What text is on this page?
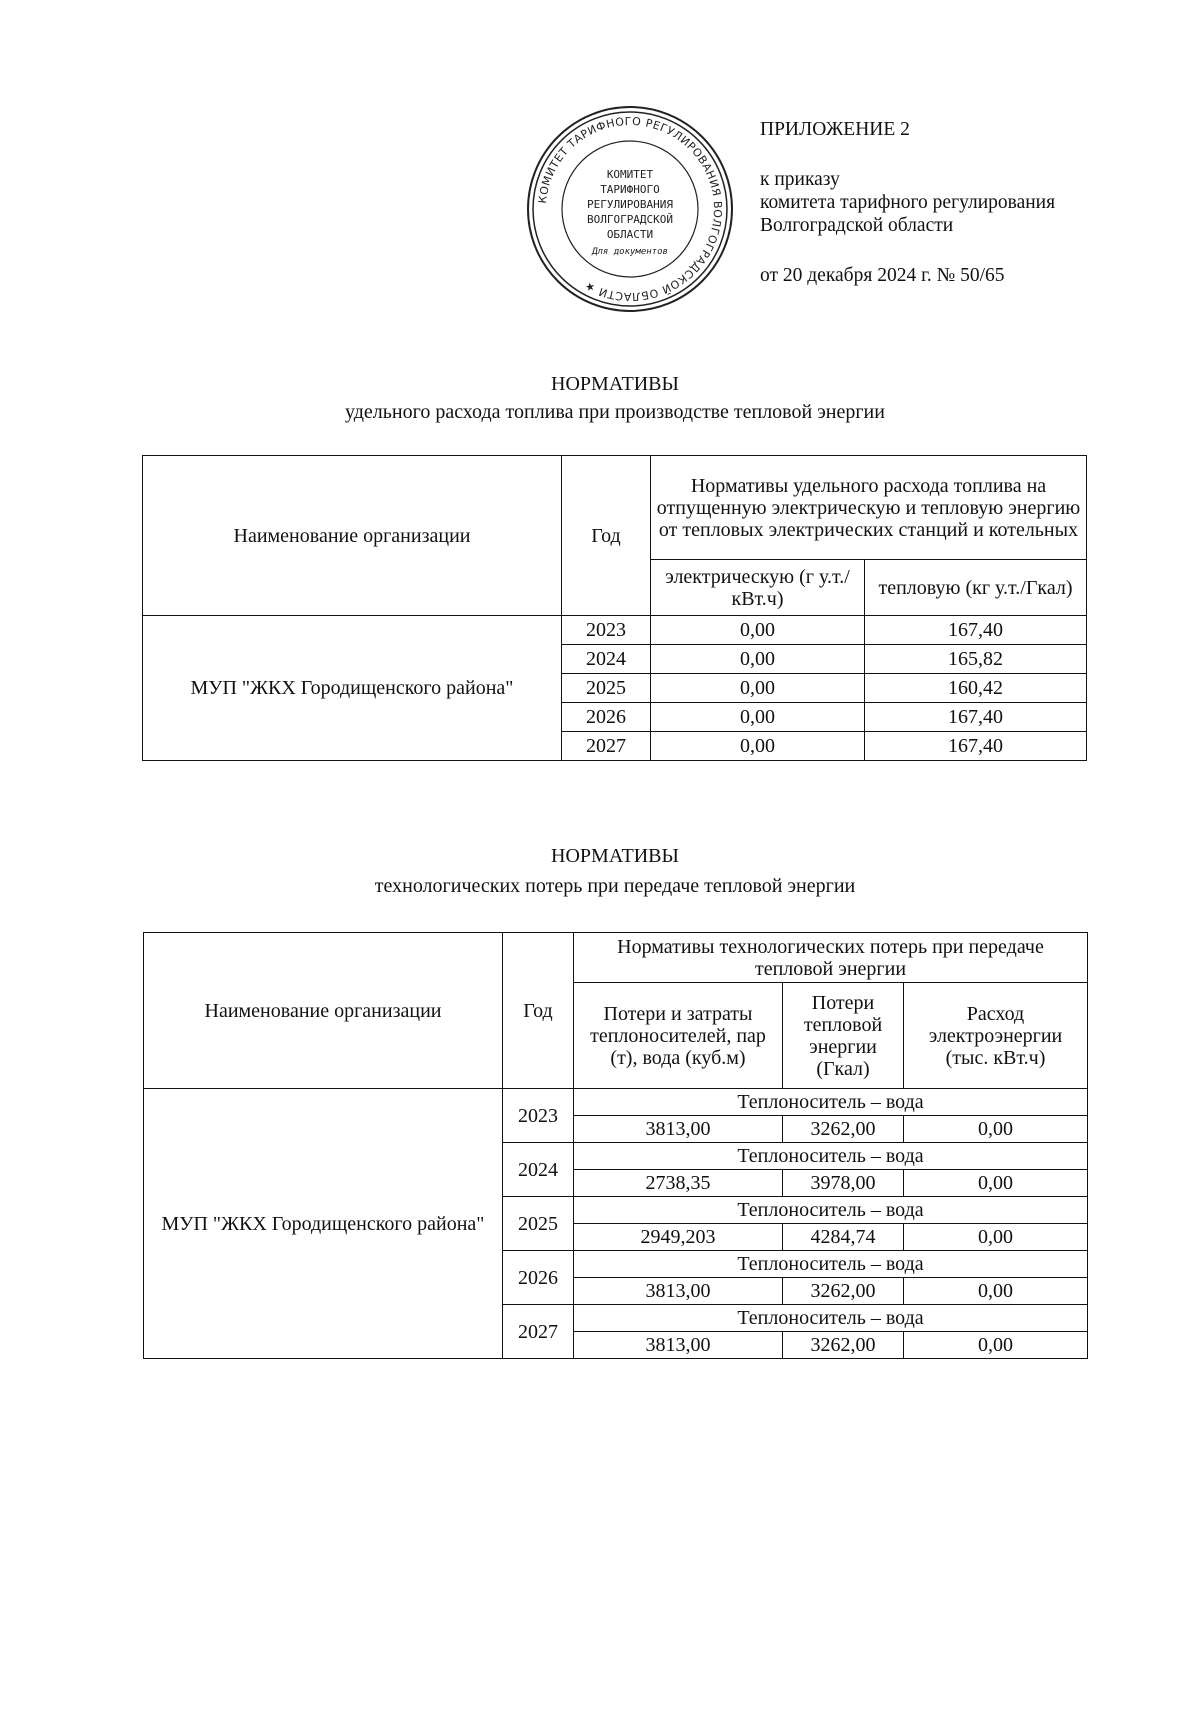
КОМИТЕТ ТАРИФНОГО РЕГУЛИРОВАНИЯ ВОЛГОГРАДСКОЙ ОБЛАСТИ ★
КОМИТЕТ
ТАРИФНОГО
РЕГУЛИРОВАНИЯ
ВОЛГОГРАДСКОЙ
ОБЛАСТИ
Для документов
ПРИЛОЖЕНИЕ 2
к приказу
комитета тарифного регулирования
Волгоградской области
от 20 декабря 2024 г. № 50/65
НОРМАТИВЫ
удельного расхода топлива при производстве тепловой энергии
Наименование организации	Год	Нормативы удельного расхода топлива на отпущенную электрическую и тепловую энергию от тепловых электрических станций и котельных	
		электрическую (г у.т./кВт.ч)	тепловую (кг у.т./Гкал)
МУП "ЖКХ Городищенского района"	2023	0,00	167,40
	2024	0,00	165,82
	2025	0,00	160,42
	2026	0,00	167,40
	2027	0,00	167,40
НОРМАТИВЫ
технологических потерь при передаче тепловой энергии
Наименование организации	Год	Нормативы технологических потерь при передаче тепловой энергии		
		Потери и затраты теплоносителей, пар (т), вода (куб.м)	Потери тепловой энергии (Гкал)	Расход электроэнергии (тыс. кВт.ч)
МУП "ЖКХ Городищенского района"	2023	Теплоноситель – вода		
		3813,00	3262,00	0,00
	2024	Теплоноситель – вода		
		2738,35	3978,00	0,00
	2025	Теплоноситель – вода		
		2949,203	4284,74	0,00
	2026	Теплоноситель – вода		
		3813,00	3262,00	0,00
	2027	Теплоноситель – вода		
		3813,00	3262,00	0,00
